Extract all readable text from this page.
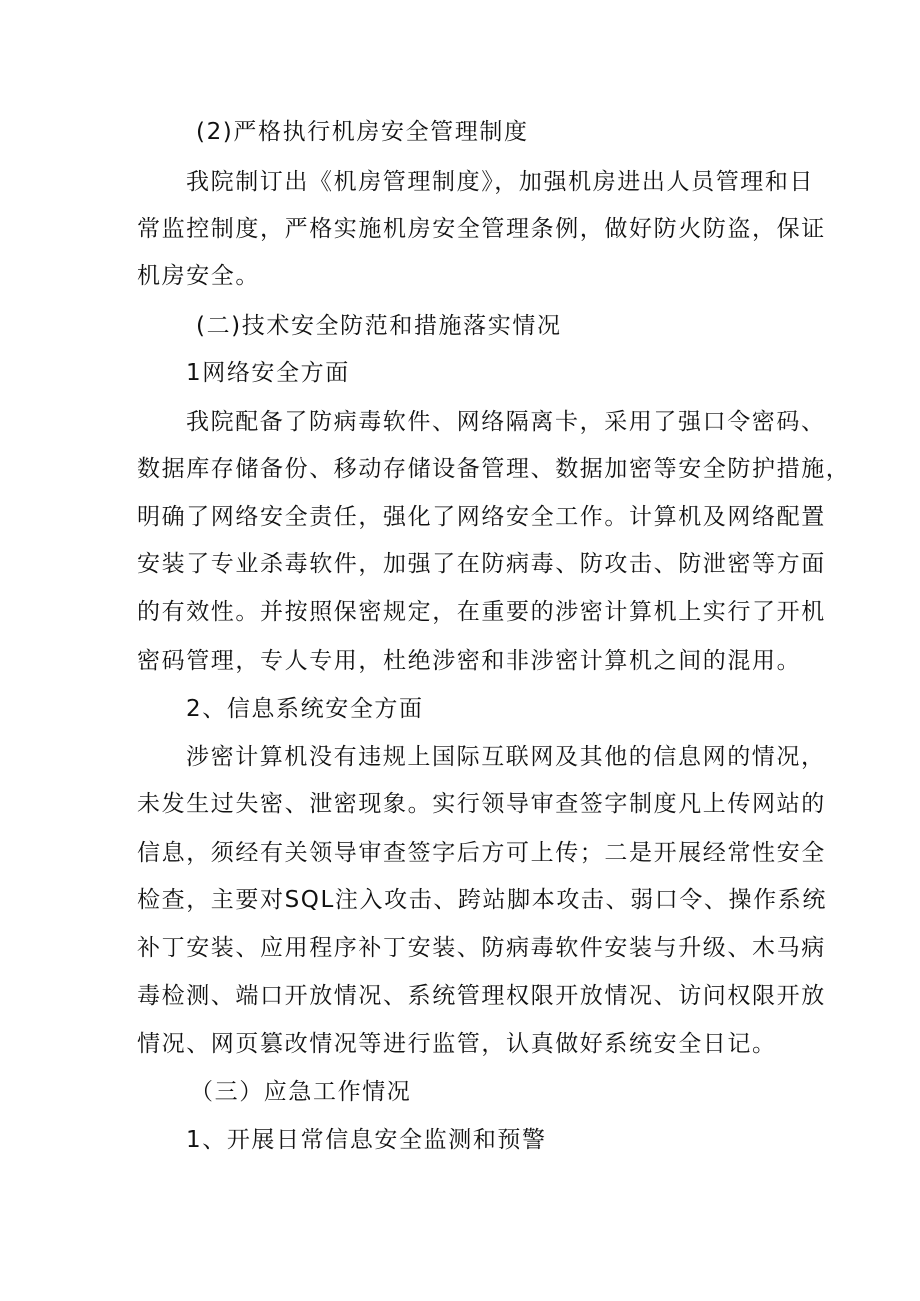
(2)严格执行机房安全管理制度
我院制订出《机房管理制度》，加强机房进出人员管理和日
常监控制度，严格实施机房安全管理条例，做好防火防盗，保证
机房安全。
(二)技术安全防范和措施落实情况
1网络安全方面
我院配备了防病毒软件、网络隔离卡，采用了强口令密码、
数据库存储备份、移动存储设备管理、数据加密等安全防护措施，
明确了网络安全责任，强化了网络安全工作。计算机及网络配置
安装了专业杀毒软件，加强了在防病毒、防攻击、防泄密等方面
的有效性。并按照保密规定，在重要的涉密计算机上实行了开机
密码管理，专人专用，杜绝涉密和非涉密计算机之间的混用。
2、信息系统安全方面
涉密计算机没有违规上国际互联网及其他的信息网的情况，
未发生过失密、泄密现象。实行领导审查签字制度凡上传网站的
信息，须经有关领导审查签字后方可上传；二是开展经常性安全
检查，主要对SQL注入攻击、跨站脚本攻击、弱口令、操作系统
补丁安装、应用程序补丁安装、防病毒软件安装与升级、木马病
毒检测、端口开放情况、系统管理权限开放情况、访问权限开放
情况、网页篡改情况等进行监管，认真做好系统安全日记。
（三）应急工作情况
1、开展日常信息安全监测和预警
